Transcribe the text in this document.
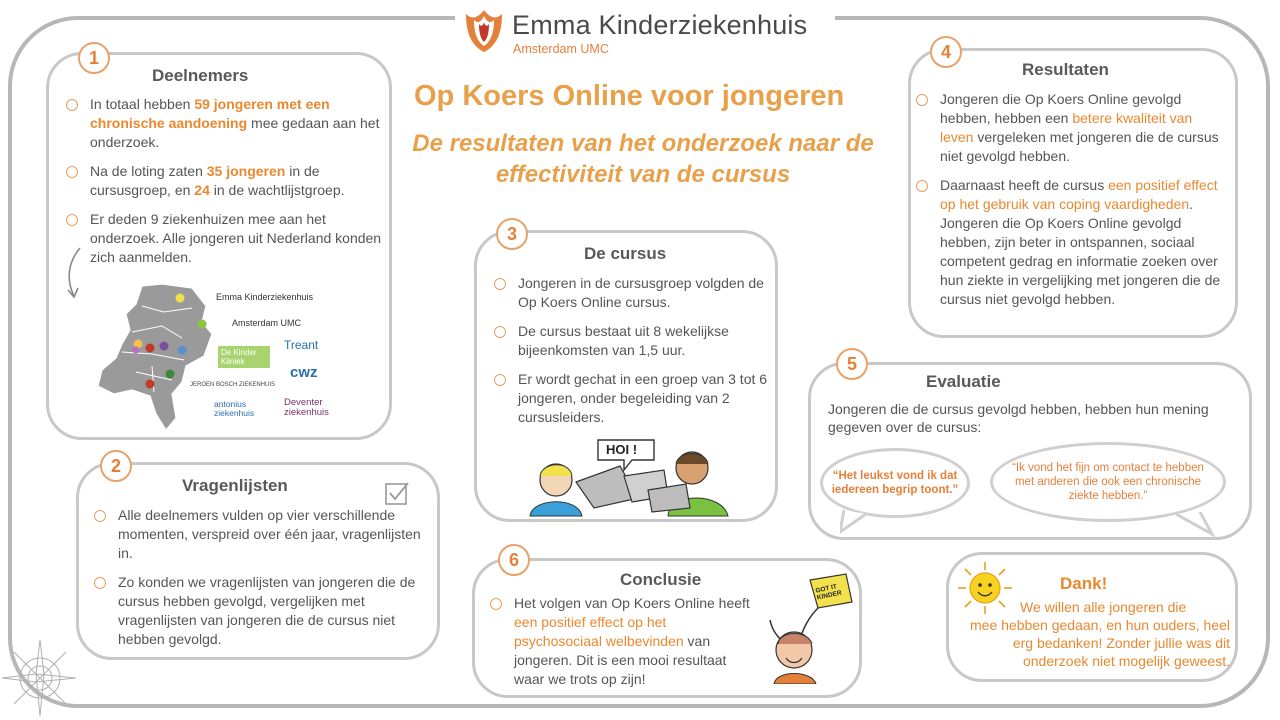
Emma Kinderziekenhuis
Amsterdam UMC
Op Koers Online voor jongeren
De resultaten van het onderzoek naar de effectiviteit van de cursus
1
Deelnemers
In totaal hebben 59 jongeren met een chronische aandoening mee gedaan aan het onderzoek.
Na de loting zaten 35 jongeren in de cursusgroep, en 24 in de wachtlijstgroep.
Er deden 9 ziekenhuizen mee aan het onderzoek. Alle jongeren uit Nederland konden zich aanmelden.
Emma Kinderziekenhuis
Amsterdam UMC
De Kinder Kliniek
Treant
cwz
JEROEN BOSCH ZIEKENHUIS
antonius ziekenhuis
Deventer ziekenhuis
2
Vragenlijsten
Alle deelnemers vulden op vier verschillende momenten, verspreid over één jaar, vragenlijsten in.
Zo konden we vragenlijsten van jongeren die de cursus hebben gevolgd, vergelijken met vragenlijsten van jongeren die de cursus niet hebben gevolgd.
3
De cursus
Jongeren in de cursusgroep volgden de Op Koers Online cursus.
De cursus bestaat uit 8 wekelijkse bijeenkomsten van 1,5 uur.
Er wordt gechat in een groep van 3 tot 6 jongeren, onder begeleiding van 2 cursusleiders.
HOI !
4
Resultaten
Jongeren die Op Koers Online gevolgd hebben, hebben een betere kwaliteit van leven vergeleken met jongeren die de cursus niet gevolgd hebben.
Daarnaast heeft de cursus een positief effect op het gebruik van coping vaardigheden. Jongeren die Op Koers Online gevolgd hebben, zijn beter in ontspannen, sociaal competent gedrag en informatie zoeken over hun ziekte in vergelijking met jongeren die de cursus niet gevolgd hebben.
5
Evaluatie
Jongeren die de cursus gevolgd hebben, hebben hun mening gegeven over de cursus:
“Het leukst vond ik dat iedereen begrip toont.”
“Ik vond het fijn om contact te hebben met anderen die ook een chronische ziekte hebben.”
6
Conclusie
Het volgen van Op Koers Online heeft een positief effect op het psychosociaal welbevinden van jongeren. Dit is een mooi resultaat waar we trots op zijn!
GOT IT KINDER
Dank!
We willen alle jongeren die
mee hebben gedaan, en hun ouders, heel erg bedanken! Zonder jullie was dit onderzoek niet mogelijk geweest.
